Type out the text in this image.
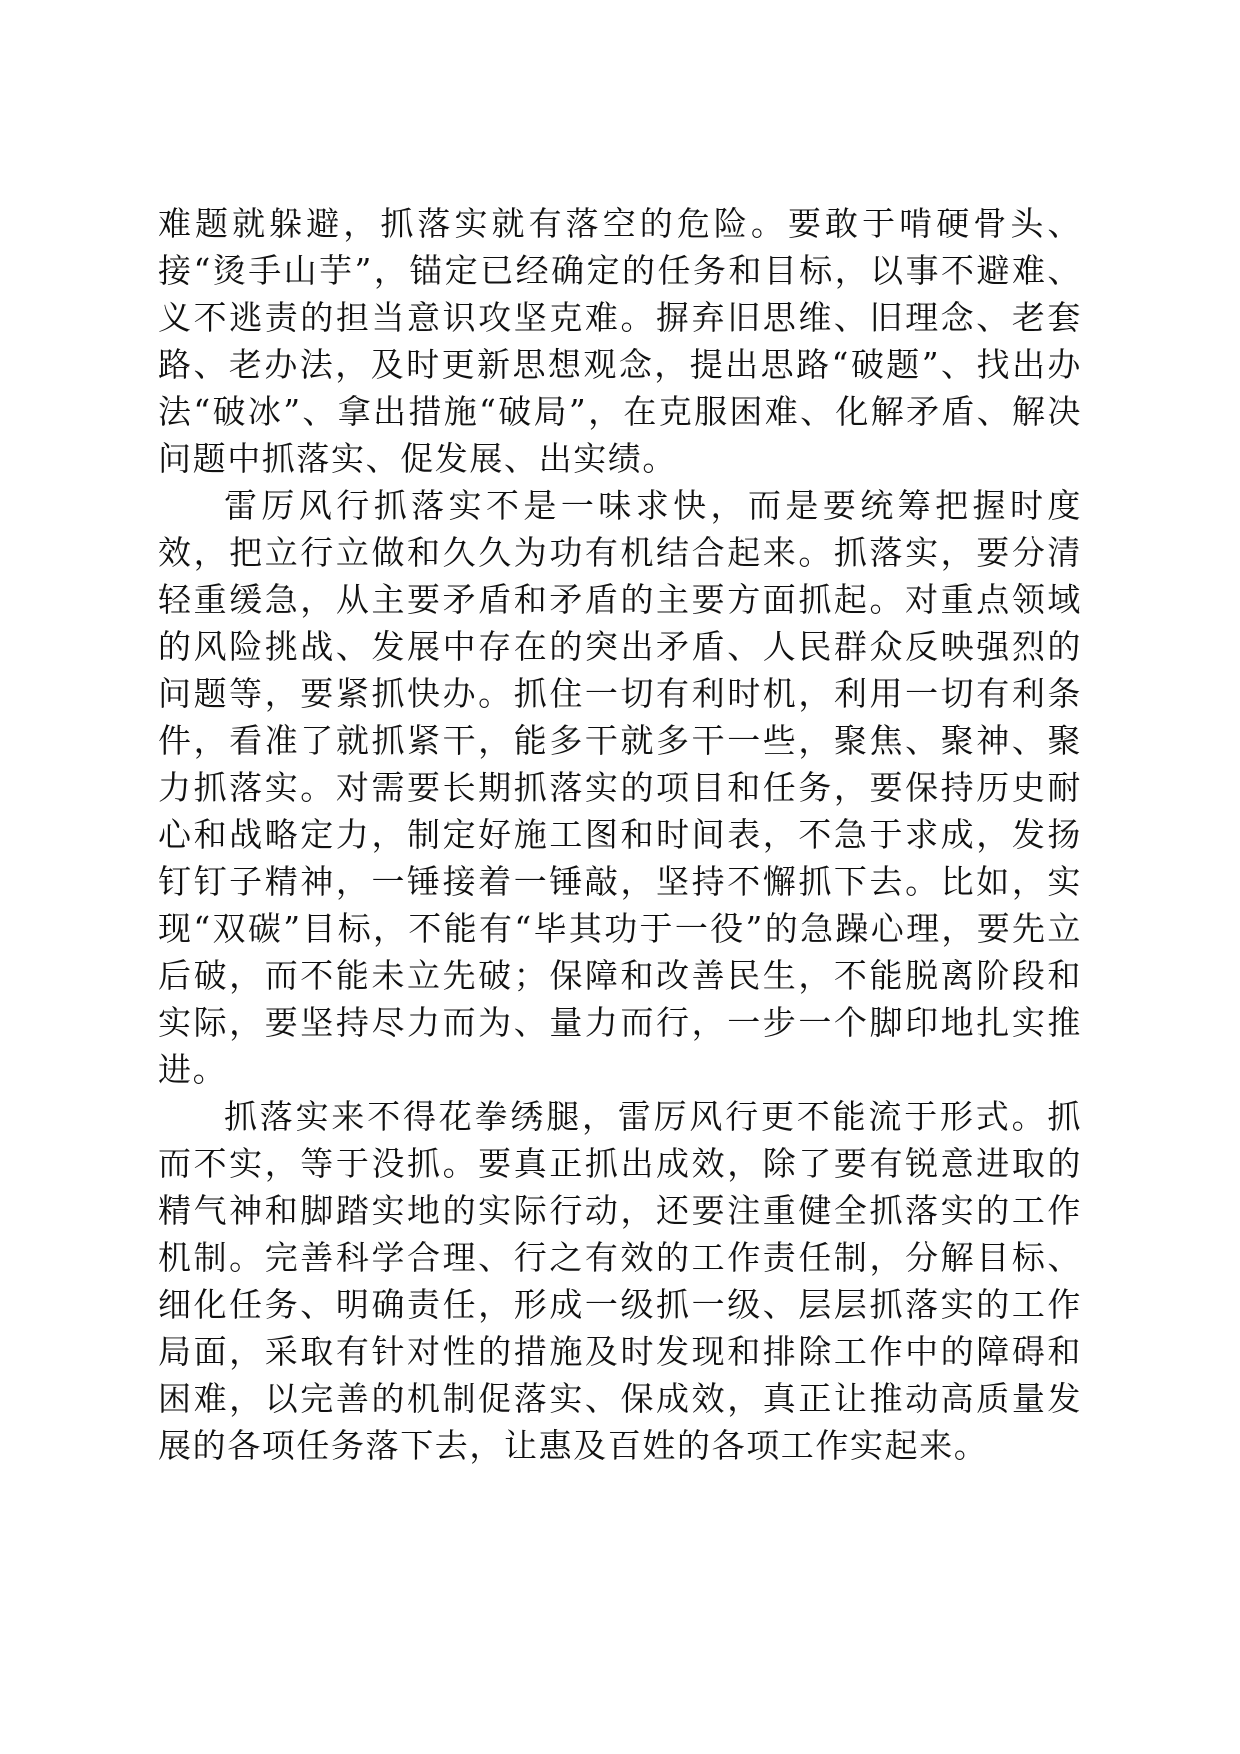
难题就躲避，抓落实就有落空的危险。要敢于啃硬骨头、接“烫手山芋”，锚定已经确定的任务和目标，以事不避难、义不逃责的担当意识攻坚克难。摒弃旧思维、旧理念、老套路、老办法，及时更新思想观念，提出思路“破题”、找出办法“破冰”、拿出措施“破局”，在克服困难、化解矛盾、解决问题中抓落实、促发展、出实绩。

雷厉风行抓落实不是一味求快，而是要统筹把握时度效，把立行立做和久久为功有机结合起来。抓落实，要分清轻重缓急，从主要矛盾和矛盾的主要方面抓起。对重点领域的风险挑战、发展中存在的突出矛盾、人民群众反映强烈的问题等，要紧抓快办。抓住一切有利时机，利用一切有利条件，看准了就抓紧干，能多干就多干一些，聚焦、聚神、聚力抓落实。对需要长期抓落实的项目和任务，要保持历史耐心和战略定力，制定好施工图和时间表，不急于求成，发扬钉钉子精神，一锤接着一锤敲，坚持不懈抓下去。比如，实现“双碳”目标，不能有“毕其功于一役”的急躁心理，要先立后破，而不能未立先破；保障和改善民生，不能脱离阶段和实际，要坚持尽力而为、量力而行，一步一个脚印地扎实推进。

抓落实来不得花拳绣腿，雷厉风行更不能流于形式。抓而不实，等于没抓。要真正抓出成效，除了要有锐意进取的精气神和脚踏实地的实际行动，还要注重健全抓落实的工作机制。完善科学合理、行之有效的工作责任制，分解目标、细化任务、明确责任，形成一级抓一级、层层抓落实的工作局面，采取有针对性的措施及时发现和排除工作中的障碍和困难，以完善的机制促落实、保成效，真正让推动高质量发展的各项任务落下去，让惠及百姓的各项工作实起来。
